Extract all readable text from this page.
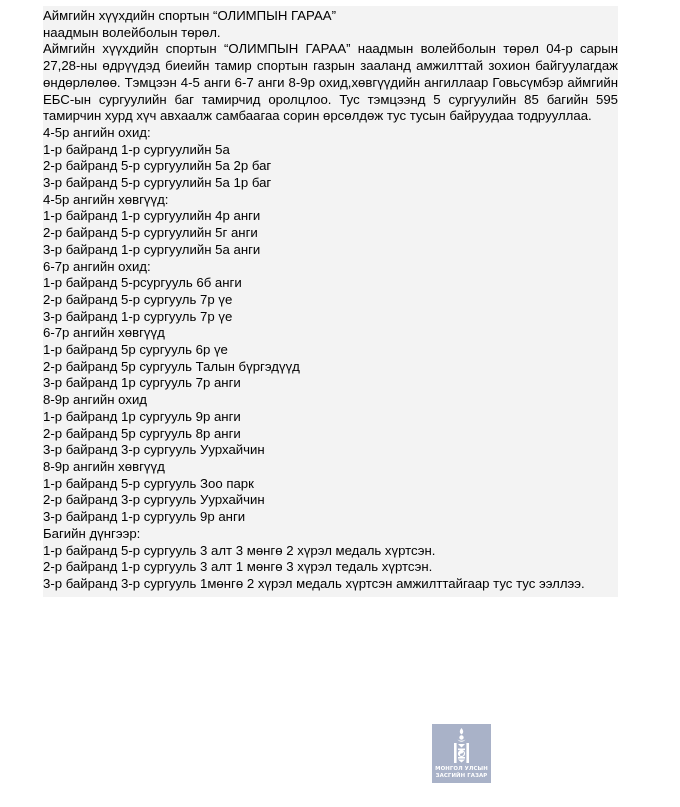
Аймгийн хүүхдийн спортын “ОЛИМПЫН ГАРАА”
наадмын волейболын төрөл.
Аймгийн хүүхдийн спортын “ОЛИМПЫН ГАРАА” наадмын волейболын төрөл 04-р сарын 27,28-ны өдрүүдэд биеийн тамир спортын газрын заалaнд амжилттай зохион байгуулагдаж өндөрлөлөө. Тэмцээн 4-5 анги 6-7 анги 8-9р охид,хөвгүүдийн ангиллаар Говьсүмбэр аймгийн ЕБС-ын сургуулийн баг тамирчид оролцлоо. Тус тэмцээнд 5 сургуулийн 85 багийн 595 тамирчин хурд хүч авхаалж самбаагаа сорин өрсөлдөж тус тусын байруудаа тодрууллаа.
4-5р ангийн охид:
1-р байранд 1-р сургуулийн 5а
2-р байранд 5-р сургуулийн 5а 2р баг
3-р байранд 5-р сургуулийн 5а 1р баг
4-5р ангийн хөвгүүд:
1-р байранд 1-р сургуулийн 4р анги
2-р байранд 5-р сургуулийн 5г анги
3-р байранд 1-р сургуулийн 5а анги
6-7р ангийн охид:
1-р байранд 5-рсургууль 6б анги
2-р байранд 5-р сургууль 7р үе
3-р байранд 1-р сургууль 7р үе
6-7р ангийн хөвгүүд
1-р байранд 5р сургууль 6р үе
2-р байранд 5р сургууль Талын бүргэдүүд
3-р байранд 1р сургууль 7р анги
8-9р ангийн охид
1-р байранд 1р сургууль 9р анги
2-р байранд 5р сургууль 8р анги
3-р байранд 3-р сургууль Уурхайчин
8-9р ангийн хөвгүүд
1-р байранд 5-р сургууль Зоо парк
2-р байранд 3-р сургууль Уурхайчин
3-р байранд 1-р сургууль 9р анги
Багийн дүнгээр:
1-р байранд 5-р сургууль 3 алт 3 мөнгө 2 хүрэл медаль хүртсэн.
2-р байранд 1-р сургууль 3 алт 1 мөнгө 3 хүрэл тедаль хүртсэн.
3-р байранд 3-р сургууль 1мөнгө 2 хүрэл медаль хүртсэн амжилттайгаар тус тус ээллээ.
МОНГОЛ УЛСЫН
ЗАСГИЙН ГАЗАР
